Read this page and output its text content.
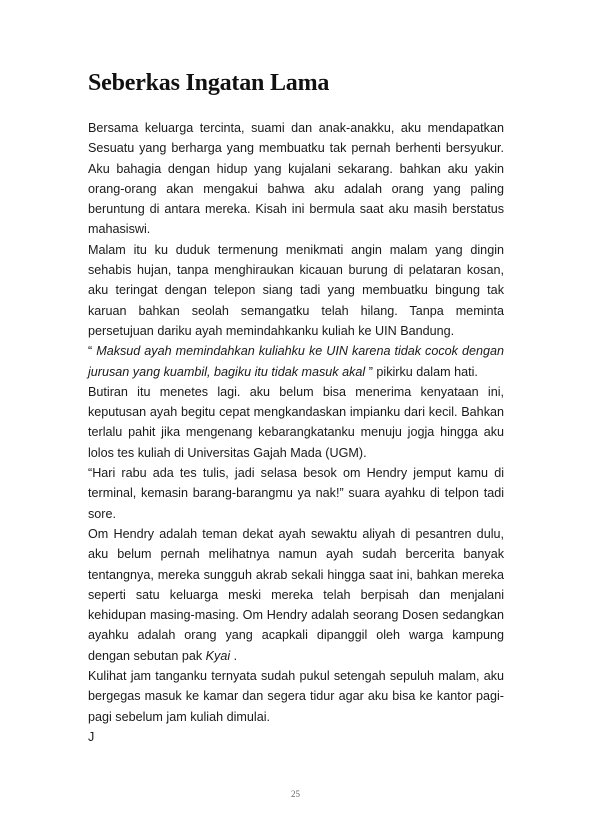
Seberkas Ingatan Lama

Bersama keluarga tercinta, suami dan anak-anakku, aku mendapatkan Sesuatu yang berharga yang membuatku tak pernah berhenti bersyukur. Aku bahagia dengan hidup yang kujalani sekarang. bahkan aku yakin orang-orang akan mengakui bahwa aku adalah orang yang paling beruntung di antara mereka. Kisah ini bermula saat aku masih berstatus mahasiswi.

Malam itu ku duduk termenung menikmati angin malam yang dingin sehabis hujan, tanpa menghiraukan kicauan burung di pelataran kosan, aku teringat dengan telepon siang tadi yang membuatku bingung tak karuan bahkan seolah semangatku telah hilang. Tanpa meminta persetujuan dariku ayah memindahkanku kuliah ke UIN Bandung.

“ Maksud ayah memindahkan kuliahku ke UIN karena tidak cocok dengan jurusan yang kuambil, bagiku itu tidak masuk akal ” pikirku dalam hati.

Butiran itu menetes lagi. aku belum bisa menerima kenyataan ini, keputusan ayah begitu cepat mengkandaskan impianku dari kecil. Bahkan terlalu pahit jika mengenang kebarangkatanku menuju jogja hingga aku lolos tes kuliah di Universitas Gajah Mada (UGM).

“Hari rabu ada tes tulis, jadi selasa besok om Hendry jemput kamu di terminal, kemasin barang-barangmu ya nak!” suara ayahku di telpon tadi sore.

Om Hendry adalah teman dekat ayah sewaktu aliyah di pesantren dulu, aku belum pernah melihatnya namun ayah sudah bercerita banyak tentangnya, mereka sungguh akrab sekali hingga saat ini, bahkan mereka seperti satu keluarga meski mereka telah berpisah dan menjalani kehidupan masing-masing. Om Hendry adalah seorang Dosen sedangkan ayahku adalah orang yang acapkali dipanggil oleh warga kampung dengan sebutan pak Kyai .

Kulihat jam tanganku ternyata sudah pukul setengah sepuluh malam, aku bergegas masuk ke kamar dan segera tidur agar aku bisa ke kantor pagi-pagi sebelum jam kuliah dimulai.

J

25
